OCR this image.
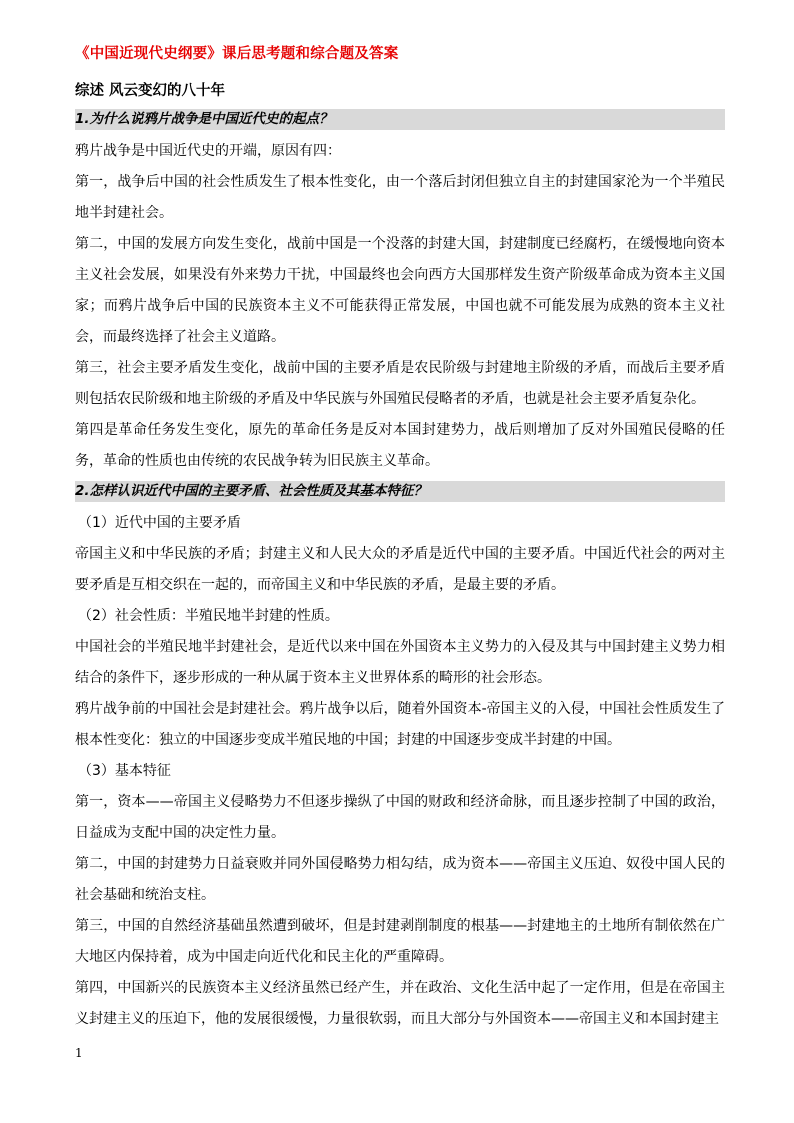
《中国近现代史纲要》课后思考题和综合题及答案
综述 风云变幻的八十年
1.为什么说鸦片战争是中国近代史的起点？

鸦片战争是中国近代史的开端，原因有四：

第一，战争后中国的社会性质发生了根本性变化，由一个落后封闭但独立自主的封建国家沦为一个半殖民地半封建社会。

第二，中国的发展方向发生变化，战前中国是一个没落的封建大国，封建制度已经腐朽，在缓慢地向资本主义社会发展，如果没有外来势力干扰，中国最终也会向西方大国那样发生资产阶级革命成为资本主义国家；而鸦片战争后中国的民族资本主义不可能获得正常发展，中国也就不可能发展为成熟的资本主义社会，而最终选择了社会主义道路。

第三，社会主要矛盾发生变化，战前中国的主要矛盾是农民阶级与封建地主阶级的矛盾，而战后主要矛盾则包括农民阶级和地主阶级的矛盾及中华民族与外国殖民侵略者的矛盾，也就是社会主要矛盾复杂化。

第四是革命任务发生变化，原先的革命任务是反对本国封建势力，战后则增加了反对外国殖民侵略的任务，革命的性质也由传统的农民战争转为旧民族主义革命。

2.怎样认识近代中国的主要矛盾、社会性质及其基本特征？

（1）近代中国的主要矛盾

帝国主义和中华民族的矛盾；封建主义和人民大众的矛盾是近代中国的主要矛盾。中国近代社会的两对主要矛盾是互相交织在一起的，而帝国主义和中华民族的矛盾，是最主要的矛盾。

（2）社会性质：半殖民地半封建的性质。

中国社会的半殖民地半封建社会，是近代以来中国在外国资本主义势力的入侵及其与中国封建主义势力相结合的条件下，逐步形成的一种从属于资本主义世界体系的畸形的社会形态。

鸦片战争前的中国社会是封建社会。鸦片战争以后，随着外国资本-帝国主义的入侵，中国社会性质发生了根本性变化：独立的中国逐步变成半殖民地的中国；封建的中国逐步变成半封建的中国。

（3）基本特征

第一，资本——帝国主义侵略势力不但逐步操纵了中国的财政和经济命脉，而且逐步控制了中国的政治，日益成为支配中国的决定性力量。

第二，中国的封建势力日益衰败并同外国侵略势力相勾结，成为资本——帝国主义压迫、奴役中国人民的社会基础和统治支柱。

第三，中国的自然经济基础虽然遭到破坏，但是封建剥削制度的根基——封建地主的土地所有制依然在广大地区内保持着，成为中国走向近代化和民主化的严重障碍。

第四，中国新兴的民族资本主义经济虽然已经产生，并在政治、文化生活中起了一定作用，但是在帝国主义封建主义的压迫下，他的发展很缓慢，力量很软弱，而且大部分与外国资本——帝国主义和本国封建主

1
